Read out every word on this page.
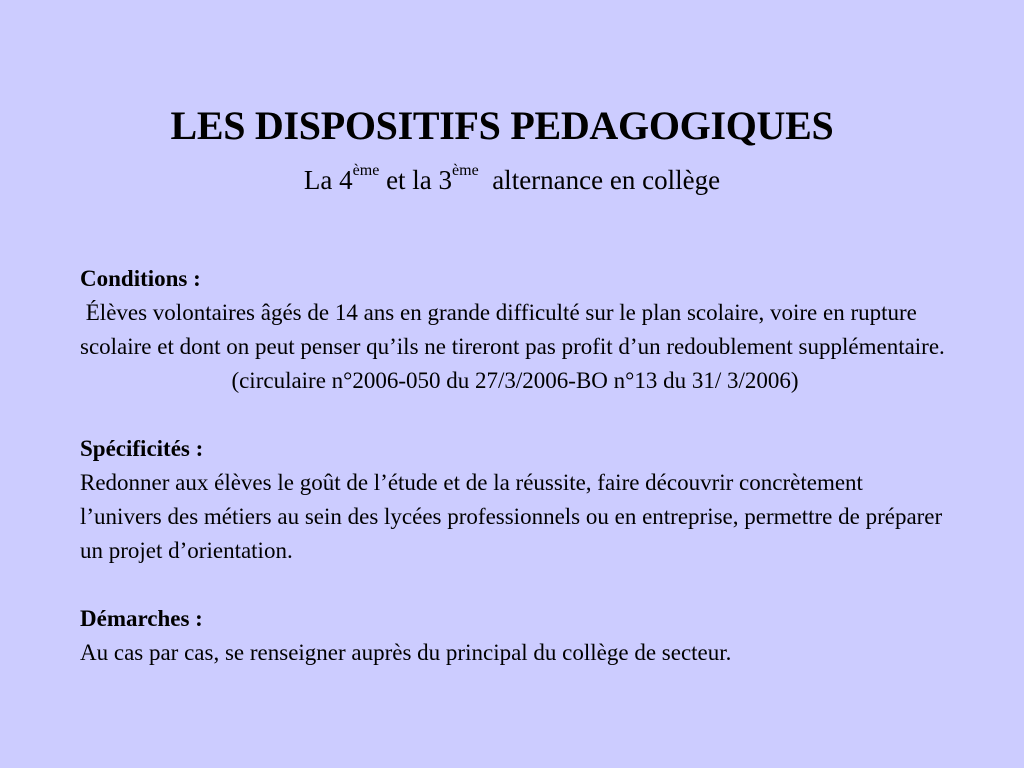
LES DISPOSITIFS PEDAGOGIQUES

La 4ème et la 3ème  alternance en collège

Conditions :

Élèves volontaires âgés de 14 ans en grande difficulté sur le plan scolaire, voire en rupture scolaire et dont on peut penser qu’ils ne tireront pas profit d’un redoublement supplémentaire.

(circulaire n°2006-050 du 27/3/2006-BO n°13 du 31/ 3/2006)

Spécificités :

Redonner aux élèves le goût de l’étude et de la réussite, faire découvrir concrètement l’univers des métiers au sein des lycées professionnels ou en entreprise, permettre de préparer un projet d’orientation.

Démarches :

Au cas par cas, se renseigner auprès du principal du collège de secteur.
